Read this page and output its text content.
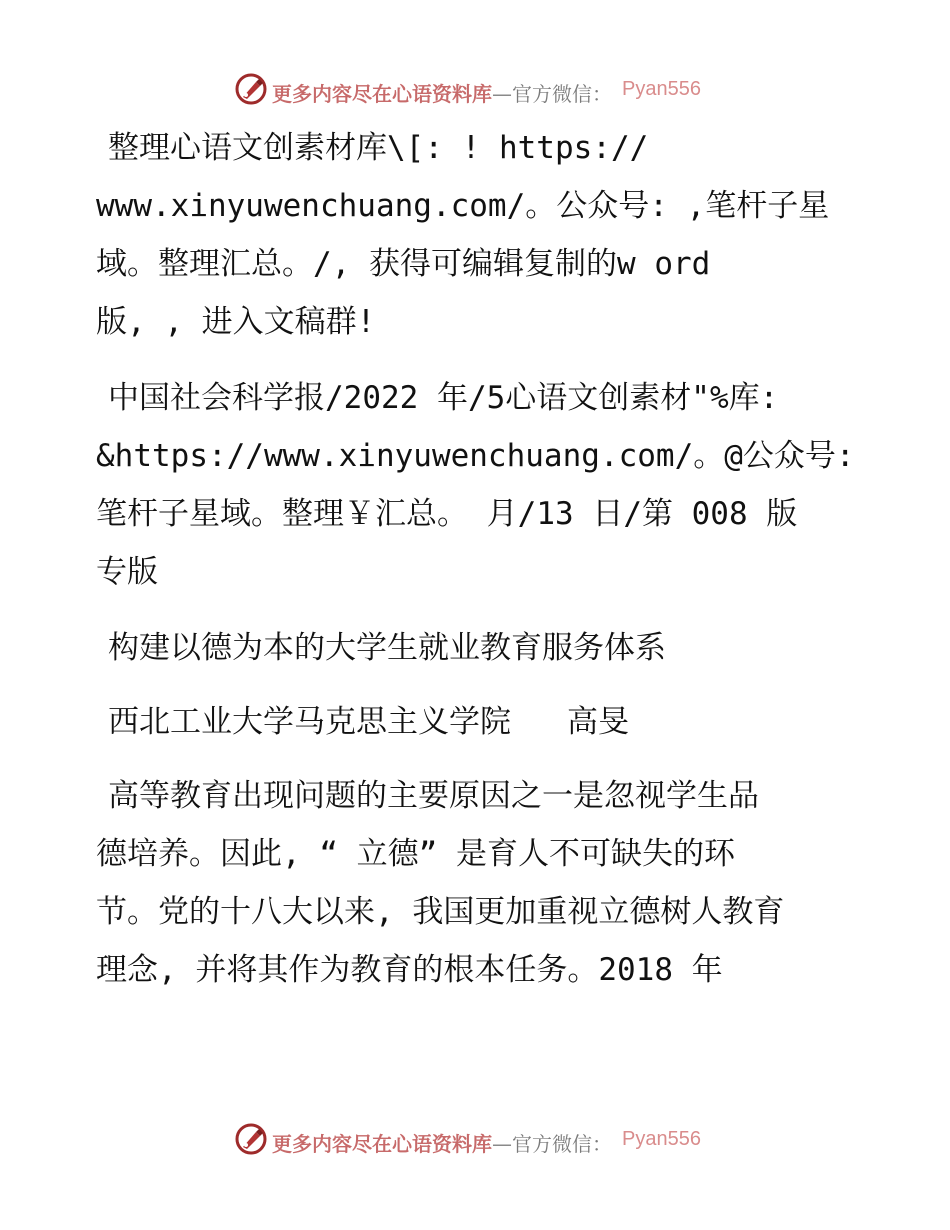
更多内容尽在心语资料库—官方微信： Pyan556
整理心语文创素材库\[: ! https://
www.xinyuwenchuang.com/。公众号: ,笔杆子星
域。整理汇总。/, 获得可编辑复制的w ord
版, , 进入文稿群!
中国社会科学报/2022 年/5心语文创素材"%库:
&https://www.xinyuwenchuang.com/。@公众号:
笔杆子星域。整理￥汇总。 月/13 日/第 008 版
专版
构建以德为本的大学生就业教育服务体系
西北工业大学马克思主义学院 高旻
高等教育出现问题的主要原因之一是忽视学生品
德培养。因此, “ 立德” 是育人不可缺失的环
节。党的十八大以来, 我国更加重视立德树人教育
理念, 并将其作为教育的根本任务。2018 年
更多内容尽在心语资料库—官方微信： Pyan556
